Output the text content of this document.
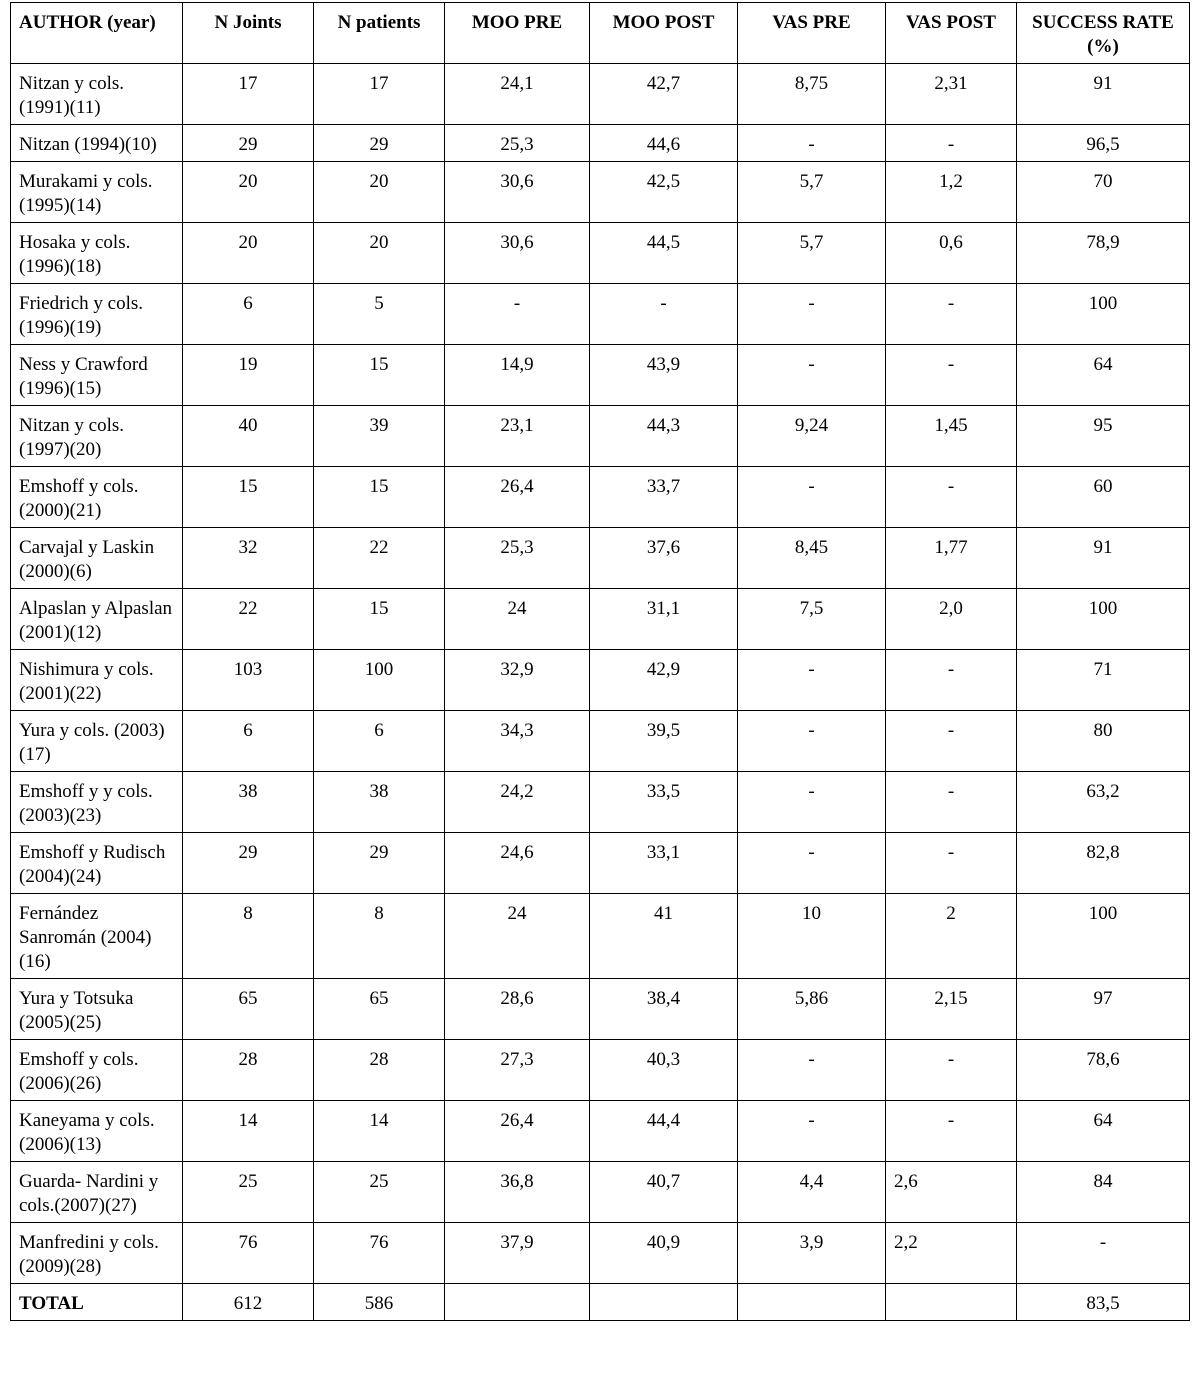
AUTHOR (year)	N Joints	N patients	MOO PRE	MOO POST	VAS PRE	VAS POST	SUCCESS RATE (%)
Nitzan y cols.(1991)(11)	17	17	24,1	42,7	8,75	2,31	91
Nitzan (1994)(10)	29	29	25,3	44,6	-	-	96,5
Murakami y cols.(1995)(14)	20	20	30,6	42,5	5,7	1,2	70
Hosaka y cols.(1996)(18)	20	20	30,6	44,5	5,7	0,6	78,9
Friedrich y cols.(1996)(19)	6	5	-	-	-	-	100
Ness y Crawford (1996)(15)	19	15	14,9	43,9	-	-	64
Nitzan y cols. (1997)(20)	40	39	23,1	44,3	9,24	1,45	95
Emshoff y cols.(2000)(21)	15	15	26,4	33,7	-	-	60
Carvajal y Laskin (2000)(6)	32	22	25,3	37,6	8,45	1,77	91
Alpaslan y Alpaslan (2001)(12)	22	15	24	31,1	7,5	2,0	100
Nishimura y cols.(2001)(22)	103	100	32,9	42,9	-	-	71
Yura y cols. (2003)(17)	6	6	34,3	39,5	-	-	80
Emshoff y y cols.(2003)(23)	38	38	24,2	33,5	-	-	63,2
Emshoff y Rudisch (2004)(24)	29	29	24,6	33,1	-	-	82,8
Fernández Sanromán (2004)(16)	8	8	24	41	10	2	100
Yura y Totsuka (2005)(25)	65	65	28,6	38,4	5,86	2,15	97
Emshoff y cols.(2006)(26)	28	28	27,3	40,3	-	-	78,6
Kaneyama y cols.(2006)(13)	14	14	26,4	44,4	-	-	64
Guarda- Nardini y cols.(2007)(27)	25	25	36,8	40,7	4,4	2,6	84
Manfredini y cols. (2009)(28)	76	76	37,9	40,9	3,9	2,2	-
TOTAL	612	586					83,5
